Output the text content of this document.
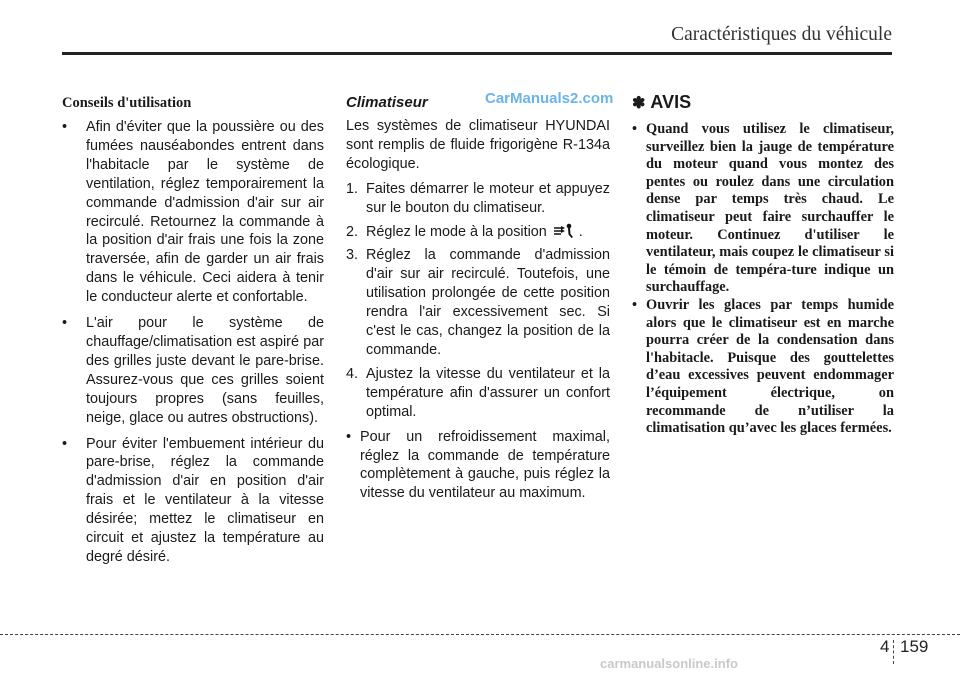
Caractéristiques du véhicule
Conseils d'utilisation
• Afin d'éviter que la poussière ou des fumées nauséabondes entrent dans l'habitacle par le système de ventilation, réglez temporairement la commande d'admission d'air sur air recirculé. Retournez la commande à la position d'air frais une fois la zone traversée, afin de garder un air frais dans le véhicule. Ceci aidera à tenir le conducteur alerte et confortable.
• L'air pour le système de chauffage/climatisation est aspiré par des grilles juste devant le pare-brise. Assurez-vous que ces grilles soient toujours propres (sans feuilles, neige, glace ou autres obstructions).
• Pour éviter l'embuement intérieur du pare-brise, réglez la commande d'admission d'air en position d'air frais et le ventilateur à la vitesse désirée; mettez le climatiseur en circuit et ajustez la température au degré désiré.
CarManuals2.com
Climatiseur

Les systèmes de climatiseur HYUNDAI sont remplis de fluide frigorigène R-134a écologique.

1. Faites démarrer le moteur et appuyez sur le bouton du climatiseur.
2. Réglez le mode à la position .
3. Réglez la commande d'admission d'air sur air recirculé. Toutefois, une utilisation prolongée de cette position rendra l'air excessivement sec. Si c'est le cas, changez la position de la commande.
4. Ajustez la vitesse du ventilateur et la température afin d'assurer un confort optimal.
• Pour un refroidissement maximal, réglez la commande de température complètement à gauche, puis réglez la vitesse du ventilateur au maximum.
✽ AVIS
• Quand vous utilisez le climatiseur, surveillez bien la jauge de température du moteur quand vous montez des pentes ou roulez dans une circulation dense par temps très chaud. Le climatiseur peut faire surchauffer le moteur. Continuez d'utiliser le ventilateur, mais coupez le climatiseur si le témoin de tempéra-ture indique un surchauffage.
• Ouvrir les glaces par temps humide alors que le climatiseur est en marche pourra créer de la condensation dans l'habitacle. Puisque des gouttelettes d’eau excessives peuvent endommager l’équipement électrique, on recommande de n’utiliser la climatisation qu’avec les glaces fermées.
4 159
carmanualsonline.info
